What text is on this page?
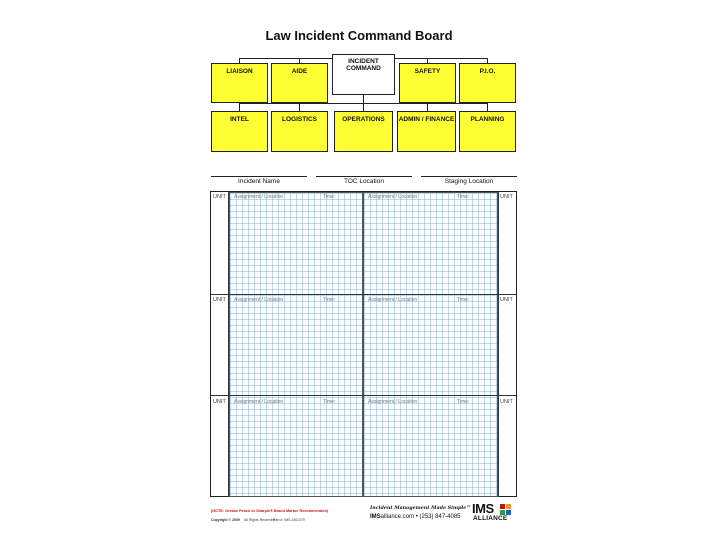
Law Incident Command Board
INCIDENT COMMAND
LIAISON	AIDE	SAFETY	P.I.O.
INTEL	LOGISTICS	OPERATIONS	ADMIN / FINANCE	PLANNING
Incident Name	TOC Location	Staging Location
UNIT	UNIT
Assignment / Location	Time:	Assignment / Location	Time:
UNIT	UNIT
Assignment / Location	Time:	Assignment / Location	Time:
UNIT	UNIT
Assignment / Location	Time:	Assignment / Location	Time:
(NOTE: Grease Pencil or Sharpie® Brand Marker Recommended)
Copyright © 2009 All Rights Reserved
Part #: IMS-150-079
Incident Management Made Simple™
IMSalliance.com • (253) 847-4085
IMS
ALLIANCE
